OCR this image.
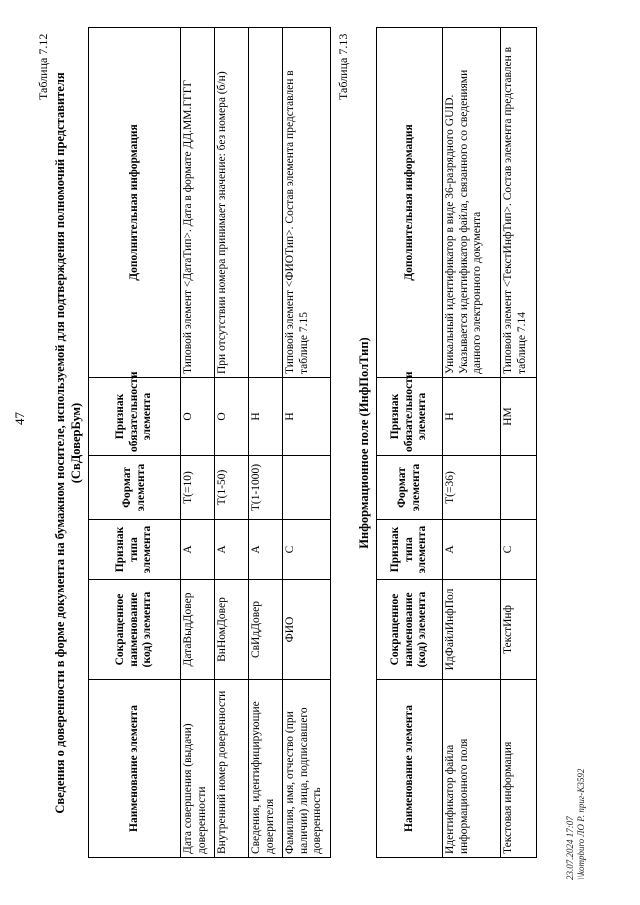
47
Таблица 7.12
Сведения о доверенности в форме документа на бумажном носителе, используемой для подтверждения полномочий представителя (СвДоверБум)
Наименование элемента	Сокращенное наименование (код) элемента	Признак типа элемента	Формат элемента	Признак обязательности элемента	Дополнительная информация
Дата совершения (выдачи) доверенности	ДатаВыдДовер	А	T(=10)	О	Типовой элемент <ДатаТип>. Дата в формате ДД.ММ.ГГГГ
Внутренний номер доверенности	ВнНомДовер	А	T(1-50)	О	При отсутствии номера принимает значение: без номера (б/н)
Сведения, идентифицирующие доверителя	СвИдДовер	А	T(1-1000)	Н	
Фамилия, имя, отчество (при наличии) лица, подписавшего доверенность	ФИО	С		Н	Типовой элемент <ФИОТип>. Состав элемента представлен в таблице 7.15
Таблица 7.13
Информационное поле (ИнфПолТип)
Наименование элемента	Сокращенное наименование (код) элемента	Признак типа элемента	Формат элемента	Признак обязательности элемента	Дополнительная информация
Идентификатор файла информационного поля	ИдФайлИнфПол	А	T(=36)	Н	Уникальный идентификатор в виде 36-разрядного GUID. Указывается идентификатор файла, связанного со сведениями данного электронного документа
Текстовая информация	ТекстИнф	С		НМ	Типовой элемент <ТекстИнфТип>. Состав элемента представлен в таблице 7.14
23.07.2024 17:07 \\kompburo ЛО Р. приг-К3592
